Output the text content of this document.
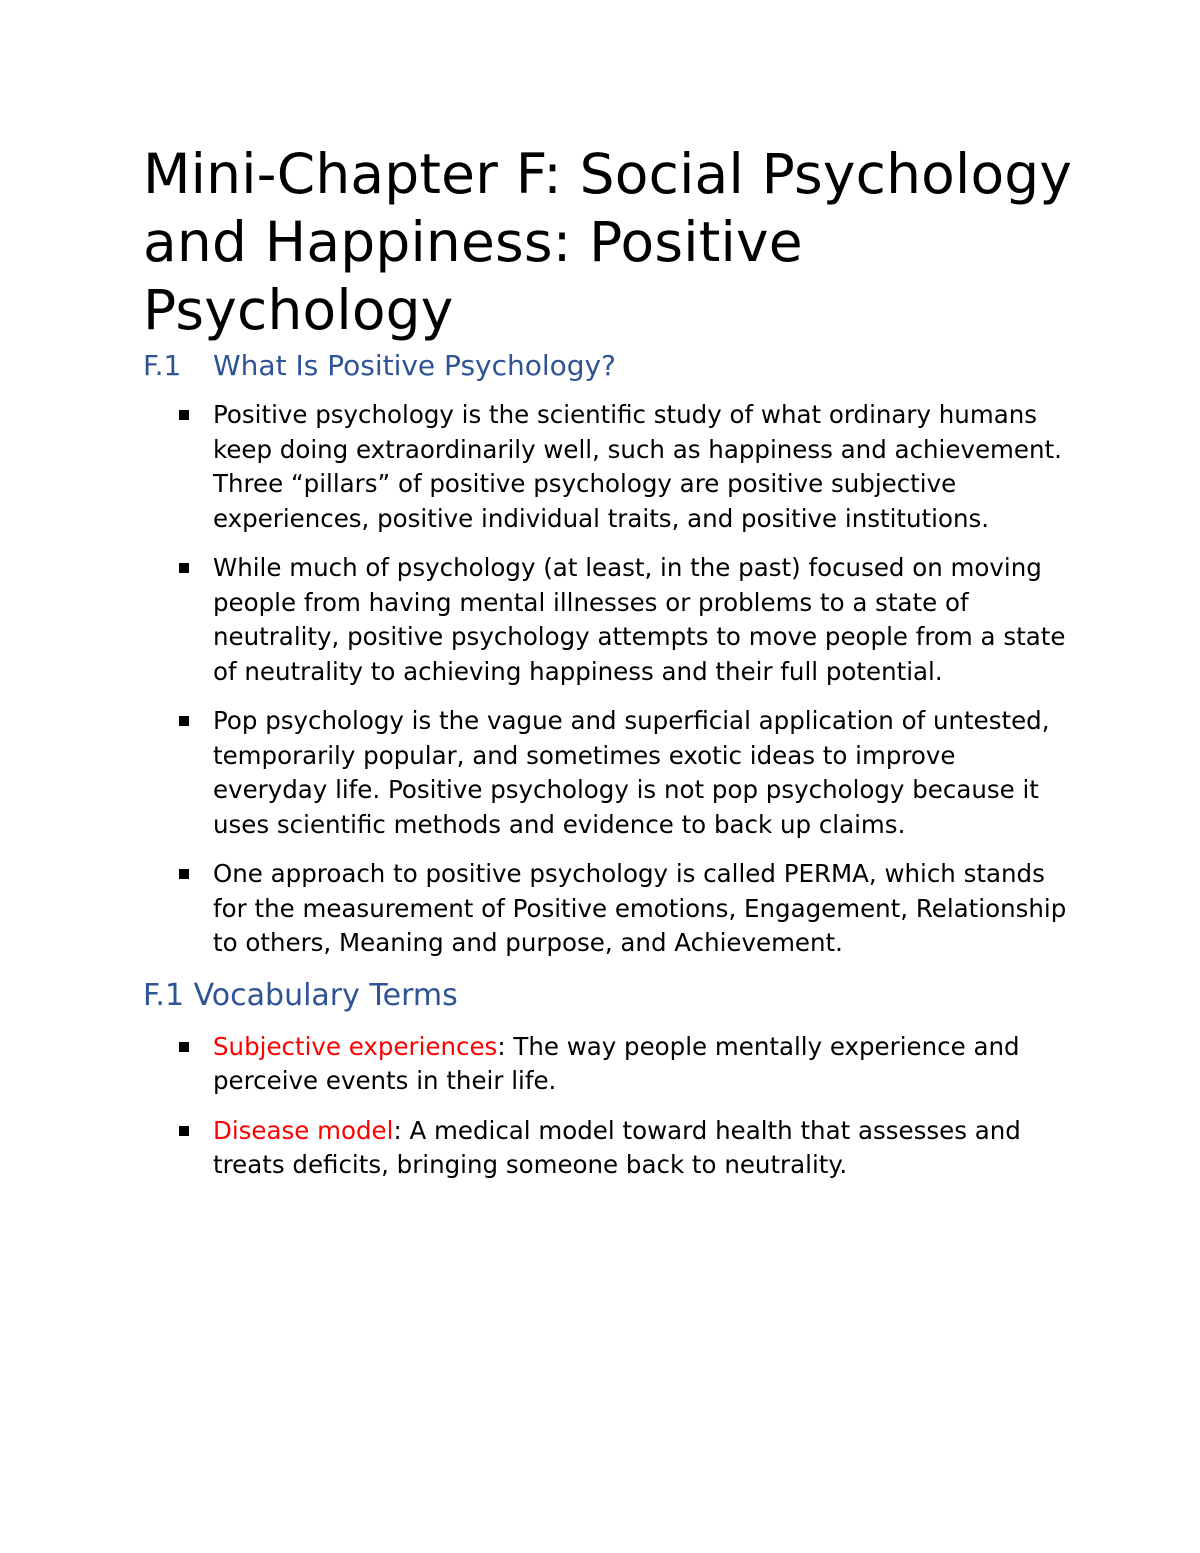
Mini-Chapter F: Social Psychology and Happiness: Positive Psychology
F.1	What Is Positive Psychology?
Positive psychology is the scientific study of what ordinary humans keep doing extraordinarily well, such as happiness and achievement. Three “pillars” of positive psychology are positive subjective experiences, positive individual traits, and positive institutions.
While much of psychology (at least, in the past) focused on moving people from having mental illnesses or problems to a state of neutrality, positive psychology attempts to move people from a state of neutrality to achieving happiness and their full potential.
Pop psychology is the vague and superficial application of untested, temporarily popular, and sometimes exotic ideas to improve everyday life. Positive psychology is not pop psychology because it uses scientific methods and evidence to back up claims.
One approach to positive psychology is called PERMA, which stands for the measurement of Positive emotions, Engagement, Relationship to others, Meaning and purpose, and Achievement.
F.1 Vocabulary Terms
Subjective experiences: The way people mentally experience and perceive events in their life.
Disease model: A medical model toward health that assesses and treats deficits, bringing someone back to neutrality.
